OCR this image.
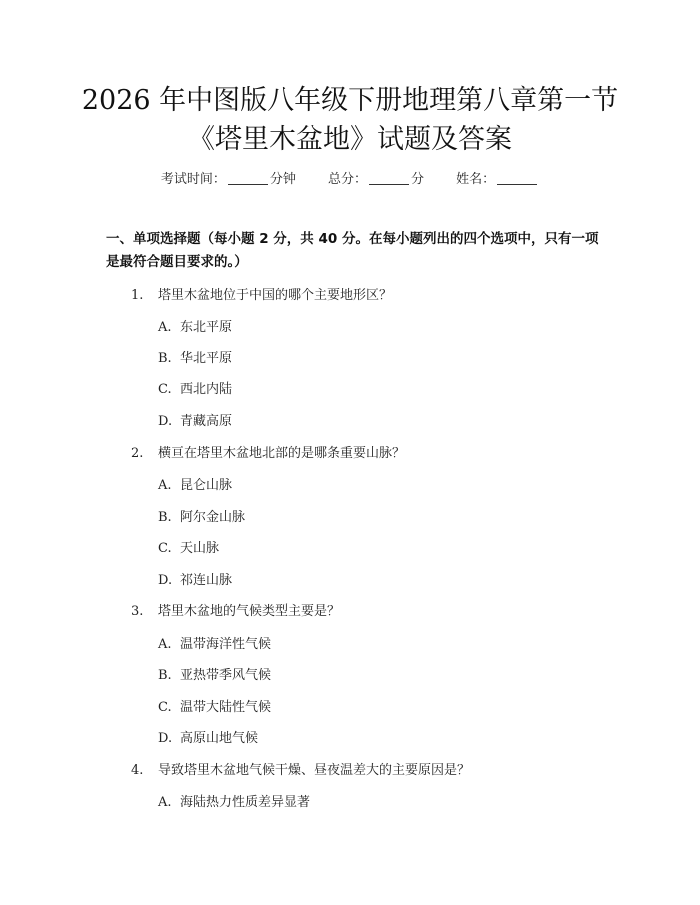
2026 年中图版八年级下册地理第八章第一节
《塔里木盆地》试题及答案
考试时间：	分钟 总分：	分 姓名：
一、单项选择题（每小题 2 分，共 40 分。在每小题列出的四个选项中，只有一项是最符合题目要求的。）
1. 塔里木盆地位于中国的哪个主要地形区？
A. 东北平原
B. 华北平原
C. 西北内陆
D. 青藏高原
2. 横亘在塔里木盆地北部的是哪条重要山脉？
A. 昆仑山脉
B. 阿尔金山脉
C. 天山脉
D. 祁连山脉
3. 塔里木盆地的气候类型主要是？
A. 温带海洋性气候
B. 亚热带季风气候
C. 温带大陆性气候
D. 高原山地气候
4. 导致塔里木盆地气候干燥、昼夜温差大的主要原因是？
A. 海陆热力性质差异显著
